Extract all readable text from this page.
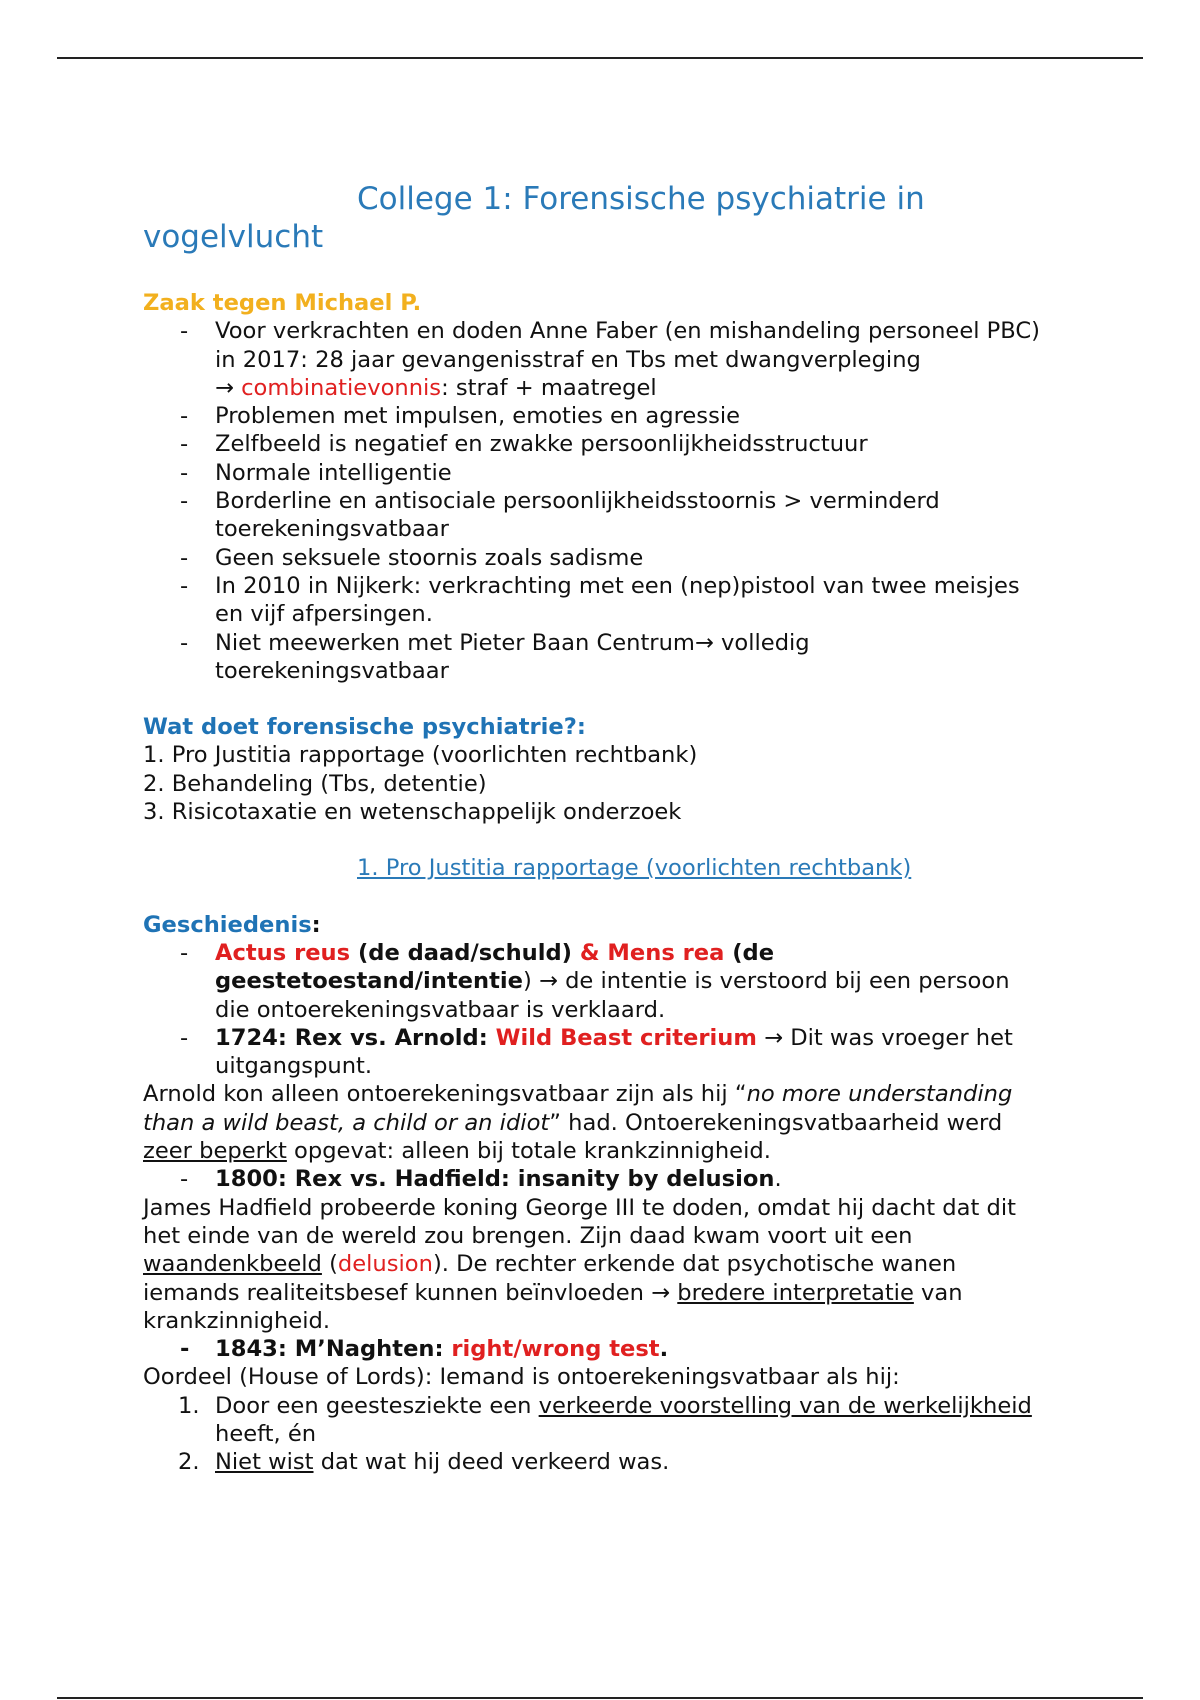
College 1: Forensische psychiatrie in
vogelvlucht
Zaak tegen Michael P.
- Voor verkrachten en doden Anne Faber (en mishandeling personeel PBC) in 2017: 28 jaar gevangenisstraf en Tbs met dwangverpleging
→ combinatievonnis: straf + maatregel
- Problemen met impulsen, emoties en agressie
- Zelfbeeld is negatief en zwakke persoonlijkheidsstructuur
- Normale intelligentie
- Borderline en antisociale persoonlijkheidsstoornis > verminderd toerekeningsvatbaar
- Geen seksuele stoornis zoals sadisme
- In 2010 in Nijkerk: verkrachting met een (nep)pistool van twee meisjes en vijf afpersingen.
- Niet meewerken met Pieter Baan Centrum→ volledig toerekeningsvatbaar
Wat doet forensische psychiatrie?:

1. Pro Justitia rapportage (voorlichten rechtbank)

2. Behandeling (Tbs, detentie)

3. Risicotaxatie en wetenschappelijk onderzoek

1. Pro Justitia rapportage (voorlichten rechtbank)

Geschiedenis:

- Actus reus (de daad/schuld) & Mens rea (de geestetoestand/intentie) → de intentie is verstoord bij een persoon die ontoerekeningsvatbaar is verklaard.
- 1724: Rex vs. Arnold: Wild Beast criterium → Dit was vroeger het uitgangspunt.

Arnold kon alleen ontoerekeningsvatbaar zijn als hij “no more understanding than a wild beast, a child or an idiot” had. Ontoerekeningsvatbaarheid werd zeer beperkt opgevat: alleen bij totale krankzinnigheid.

- 1800: Rex vs. Hadfield: insanity by delusion.

James Hadfield probeerde koning George III te doden, omdat hij dacht dat dit het einde van de wereld zou brengen. Zijn daad kwam voort uit een waandenkbeeld (delusion). De rechter erkende dat psychotische wanen iemands realiteitsbesef kunnen beïnvloeden → bredere interpretatie van krankzinnigheid.

- 1843: M’Naghten: right/wrong test.

Oordeel (House of Lords): Iemand is ontoerekeningsvatbaar als hij:

1. Door een geestesziekte een verkeerde voorstelling van de werkelijkheid heeft, én
2. Niet wist dat wat hij deed verkeerd was.
